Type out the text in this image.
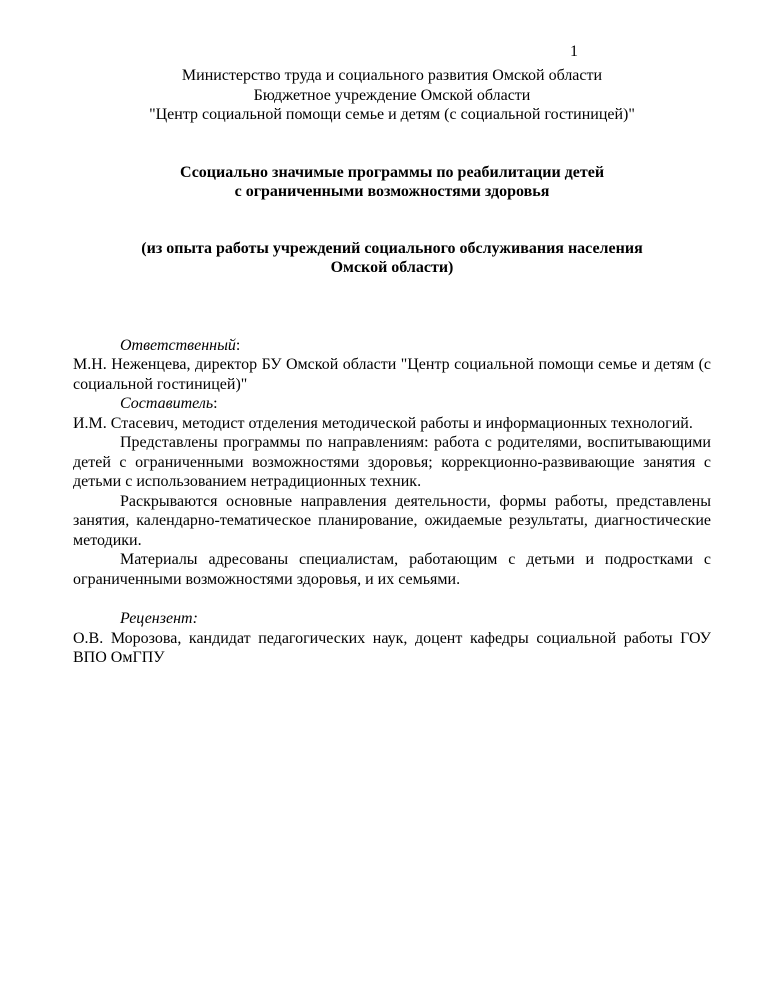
1
Министерство труда и социального развития Омской области
Бюджетное учреждение Омской области
"Центр социальной помощи семье и детям (с социальной гостиницей)"
Ссоциально значимые программы по реабилитации детей
с ограниченными возможностями здоровья
(из опыта работы учреждений социального обслуживания населения
Омской области)
Ответственный:
М.Н. Неженцева, директор БУ Омской области "Центр социальной помощи семье и детям (с социальной гостиницей)"
Составитель:
И.М. Стасевич, методист отделения методической работы и информационных технологий.
Представлены программы по направлениям: работа с родителями, воспитывающими детей с ограниченными возможностями здоровья; коррекционно-развивающие занятия с детьми с использованием нетрадиционных техник.
Раскрываются основные направления деятельности, формы работы, представлены занятия, календарно-тематическое планирование, ожидаемые результаты, диагностические методики.
Материалы адресованы специалистам, работающим с детьми и подростками с ограниченными возможностями здоровья, и их семьями.
Рецензент:
О.В. Морозова, кандидат педагогических наук, доцент кафедры социальной работы ГОУ ВПО ОмГПУ
